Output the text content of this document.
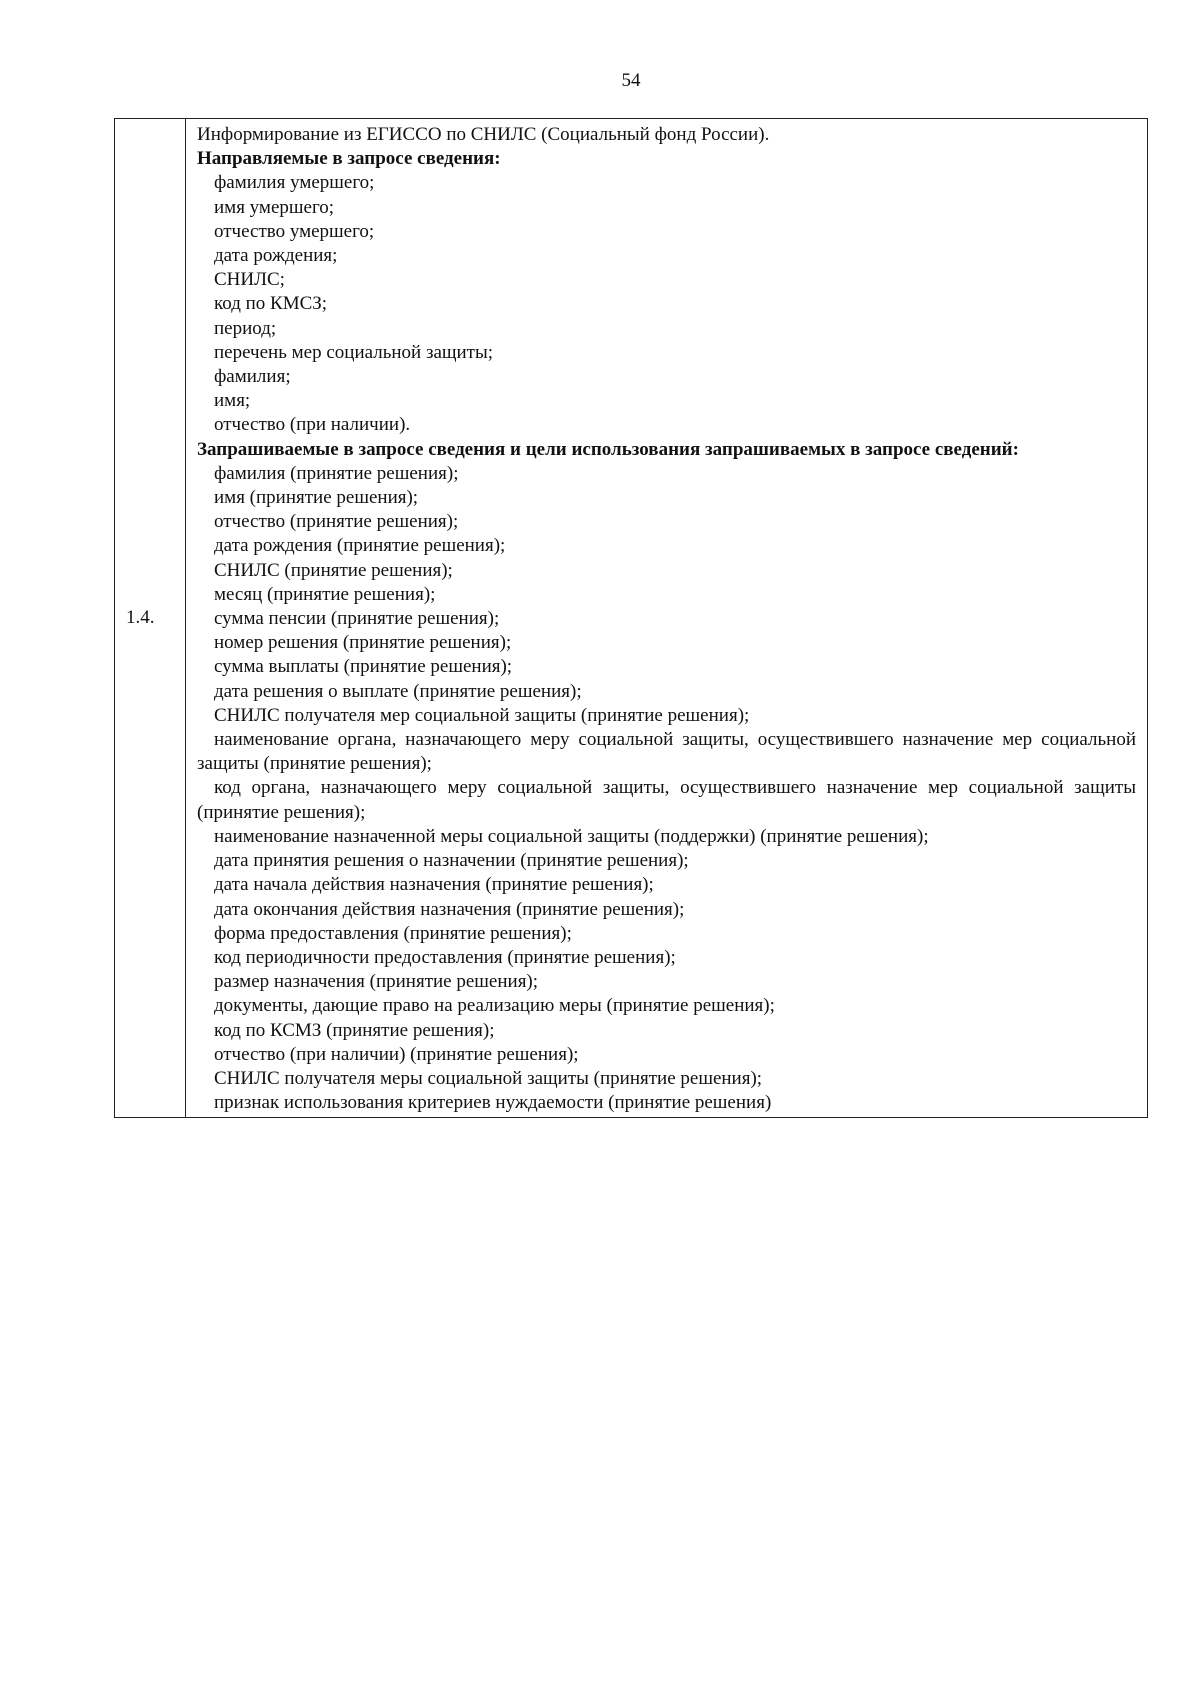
54
1.4.	

Информирование из ЕГИССО по СНИЛС (Социальный фонд России).

Направляемые в запросе сведения:

фамилия умершего;

имя умершего;

отчество умершего;

дата рождения;

СНИЛС;

код по КМСЗ;

период;

перечень мер социальной защиты;

фамилия;

имя;

отчество (при наличии).

Запрашиваемые в запросе сведения и цели использования запрашиваемых в запросе сведений:

фамилия (принятие решения);

имя (принятие решения);

отчество (принятие решения);

дата рождения (принятие решения);

СНИЛС (принятие решения);

месяц (принятие решения);

сумма пенсии (принятие решения);

номер решения (принятие решения);

сумма выплаты (принятие решения);

дата решения о выплате (принятие решения);

СНИЛС получателя мер социальной защиты (принятие решения);

наименование органа, назначающего меру социальной защиты, осуществившего назначение мер социальной защиты (принятие решения);

код органа, назначающего меру социальной защиты, осуществившего назначение мер социальной защиты (принятие решения);

наименование назначенной меры социальной защиты (поддержки) (принятие решения);

дата принятия решения о назначении (принятие решения);

дата начала действия назначения (принятие решения);

дата окончания действия назначения (принятие решения);

форма предоставления (принятие решения);

код периодичности предоставления (принятие решения);

размер назначения (принятие решения);

документы, дающие право на реализацию меры (принятие решения);

код по КСМЗ (принятие решения);

отчество (при наличии) (принятие решения);

СНИЛС получателя меры социальной защиты (принятие решения);

признак использования критериев нуждаемости (принятие решения)
